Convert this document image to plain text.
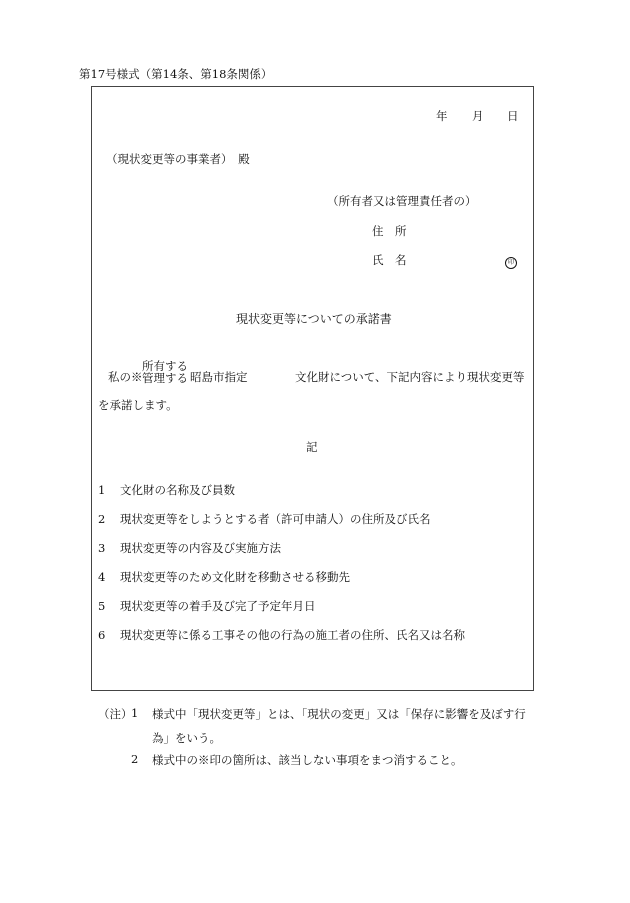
第17号様式（第14条、第18条関係）
年 月 日
（現状変更等の事業者）　殿
（所有者又は管理責任者の）
住　所
氏　名	印
現状変更等についての承諾書
私の※
所有する
管理する 昭島市指定	文化財について、下記内容により現状変更等
を承諾します。
記
1 文化財の名称及び員数
2 現状変更等をしようとする者（許可申請人）の住所及び氏名
3 現状変更等の内容及び実施方法
4 現状変更等のため文化財を移動させる移動先
5 現状変更等の着手及び完了予定年月日
6 現状変更等に係る工事その他の行為の施工者の住所、氏名又は名称
（注）
1 様式中「現状変更等」とは、「現状の変更」又は「保存に影響を及ぼす行
為」をいう。
2 様式中の※印の箇所は、該当しない事項をまつ消すること。
